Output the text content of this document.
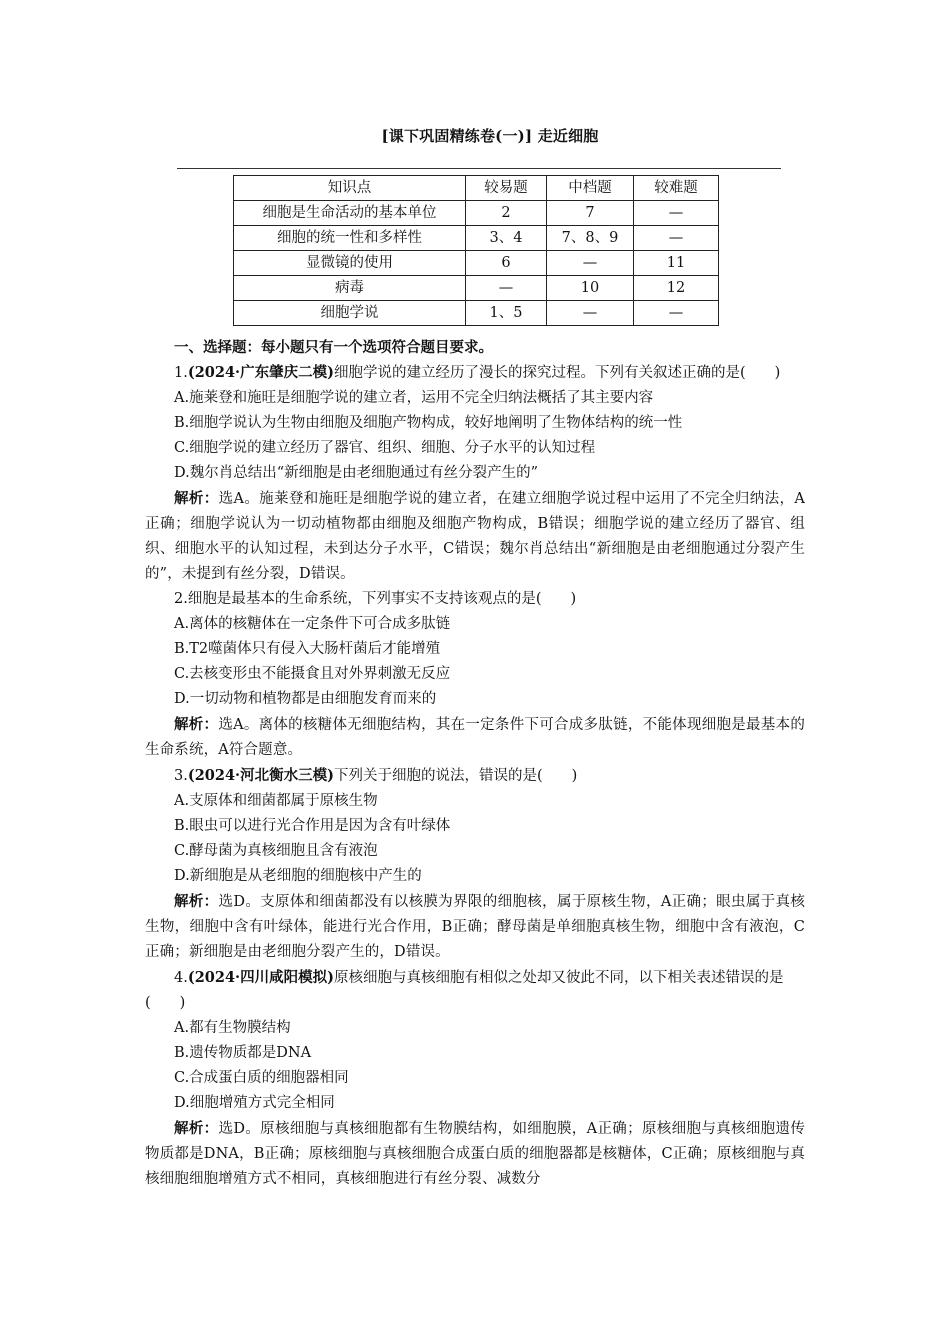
[课下巩固精练卷(一)] 走近细胞
知识点	较易题	中档题	较难题
细胞是生命活动的基本单位	2	7	—
细胞的统一性和多样性	3、4	7、8、9	—
显微镜的使用	6	—	11
病毒	—	10	12
细胞学说	1、5	—	—

一、选择题：每小题只有一个选项符合题目要求。

1.(2024·广东肇庆二模)细胞学说的建立经历了漫长的探究过程。下列有关叙述正确的是(　　)

A.施莱登和施旺是细胞学说的建立者，运用不完全归纳法概括了其主要内容

B.细胞学说认为生物由细胞及细胞产物构成，较好地阐明了生物体结构的统一性

C.细胞学说的建立经历了器官、组织、细胞、分子水平的认知过程

D.魏尔肖总结出“新细胞是由老细胞通过有丝分裂产生的”

解析：选A。施莱登和施旺是细胞学说的建立者，在建立细胞学说过程中运用了不完全归纳法，A正确；细胞学说认为一切动植物都由细胞及细胞产物构成，B错误；细胞学说的建立经历了器官、组织、细胞水平的认知过程，未到达分子水平，C错误；魏尔肖总结出“新细胞是由老细胞通过分裂产生的”，未提到有丝分裂，D错误。

2.细胞是最基本的生命系统，下列事实不支持该观点的是(　　)

A.离体的核糖体在一定条件下可合成多肽链

B.T2噬菌体只有侵入大肠杆菌后才能增殖

C.去核变形虫不能摄食且对外界刺激无反应

D.一切动物和植物都是由细胞发育而来的

解析：选A。离体的核糖体无细胞结构，其在一定条件下可合成多肽链，不能体现细胞是最基本的生命系统，A符合题意。

3.(2024·河北衡水三模)下列关于细胞的说法，错误的是(　　)

A.支原体和细菌都属于原核生物

B.眼虫可以进行光合作用是因为含有叶绿体

C.酵母菌为真核细胞且含有液泡

D.新细胞是从老细胞的细胞核中产生的

解析：选D。支原体和细菌都没有以核膜为界限的细胞核，属于原核生物，A正确；眼虫属于真核生物，细胞中含有叶绿体，能进行光合作用，B正确；酵母菌是单细胞真核生物，细胞中含有液泡，C正确；新细胞是由老细胞分裂产生的，D错误。

4.(2024·四川咸阳模拟)原核细胞与真核细胞有相似之处却又彼此不同，以下相关表述错误的是(　　)

A.都有生物膜结构

B.遗传物质都是DNA

C.合成蛋白质的细胞器相同

D.细胞增殖方式完全相同

解析：选D。原核细胞与真核细胞都有生物膜结构，如细胞膜，A正确；原核细胞与真核细胞遗传物质都是DNA，B正确；原核细胞与真核细胞合成蛋白质的细胞器都是核糖体，C正确；原核细胞与真核细胞细胞增殖方式不相同，真核细胞进行有丝分裂、减数分
